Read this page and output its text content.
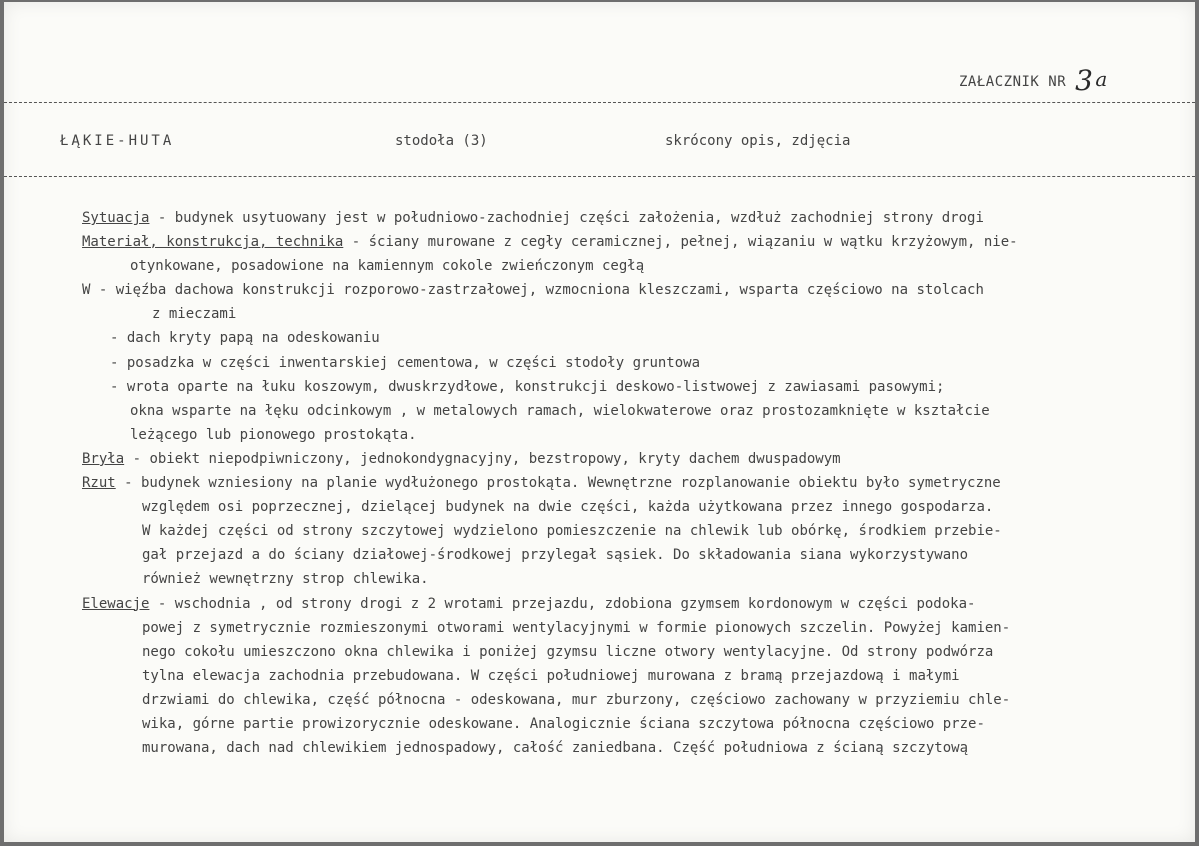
ZAŁACZNIK NR 3 a
ŁĄKIE-HUTA	stodoła (3)	skrócony opis, zdjęcia
Sytuacja - budynek usytuowany jest w południowo-zachodniej części założenia, wzdłuż zachodniej strony drogi
Materiał, konstrukcja, technika - ściany murowane z cegły ceramicznej, pełnej, wiązaniu w wątku krzyżowym, nie-
otynkowane, posadowione na kamiennym cokole zwieńczonym cegłą
W - więźba dachowa konstrukcji rozporowo-zastrzałowej, wzmocniona kleszczami, wsparta częściowo na stolcach
z mieczami
- dach kryty papą na odeskowaniu
- posadzka w części inwentarskiej cementowa, w części stodoły gruntowa
- wrota oparte na łuku koszowym, dwuskrzydłowe, konstrukcji deskowo-listwowej z zawiasami pasowymi;
okna wsparte na łęku odcinkowym , w metalowych ramach, wielokwaterowe oraz prostozamknięte w kształcie
leżącego lub pionowego prostokąta.
Bryła - obiekt niepodpiwniczony, jednokondygnacyjny, bezstropowy, kryty dachem dwuspadowym
Rzut - budynek wzniesiony na planie wydłużonego prostokąta. Wewnętrzne rozplanowanie obiektu było symetryczne
względem osi poprzecznej, dzielącej budynek na dwie części, każda użytkowana przez innego gospodarza.
W każdej części od strony szczytowej wydzielono pomieszczenie na chlewik lub obórkę, środkiem przebie-
gał przejazd a do ściany działowej-środkowej przylegał sąsiek. Do składowania siana wykorzystywano
również wewnętrzny strop chlewika.
Elewacje - wschodnia , od strony drogi z 2 wrotami przejazdu, zdobiona gzymsem kordonowym w części podoka-
powej z symetrycznie rozmieszonymi otworami wentylacyjnymi w formie pionowych szczelin. Powyżej kamien-
nego cokołu umieszczono okna chlewika i poniżej gzymsu liczne otwory wentylacyjne. Od strony podwórza
tylna elewacja zachodnia przebudowana. W części południowej murowana z bramą przejazdową i małymi
drzwiami do chlewika, część północna - odeskowana, mur zburzony, częściowo zachowany w przyziemiu chle-
wika, górne partie prowizorycznie odeskowane. Analogicznie ściana szczytowa północna częściowo prze-
murowana, dach nad chlewikiem jednospadowy, całość zaniedbana. Część południowa z ścianą szczytową
